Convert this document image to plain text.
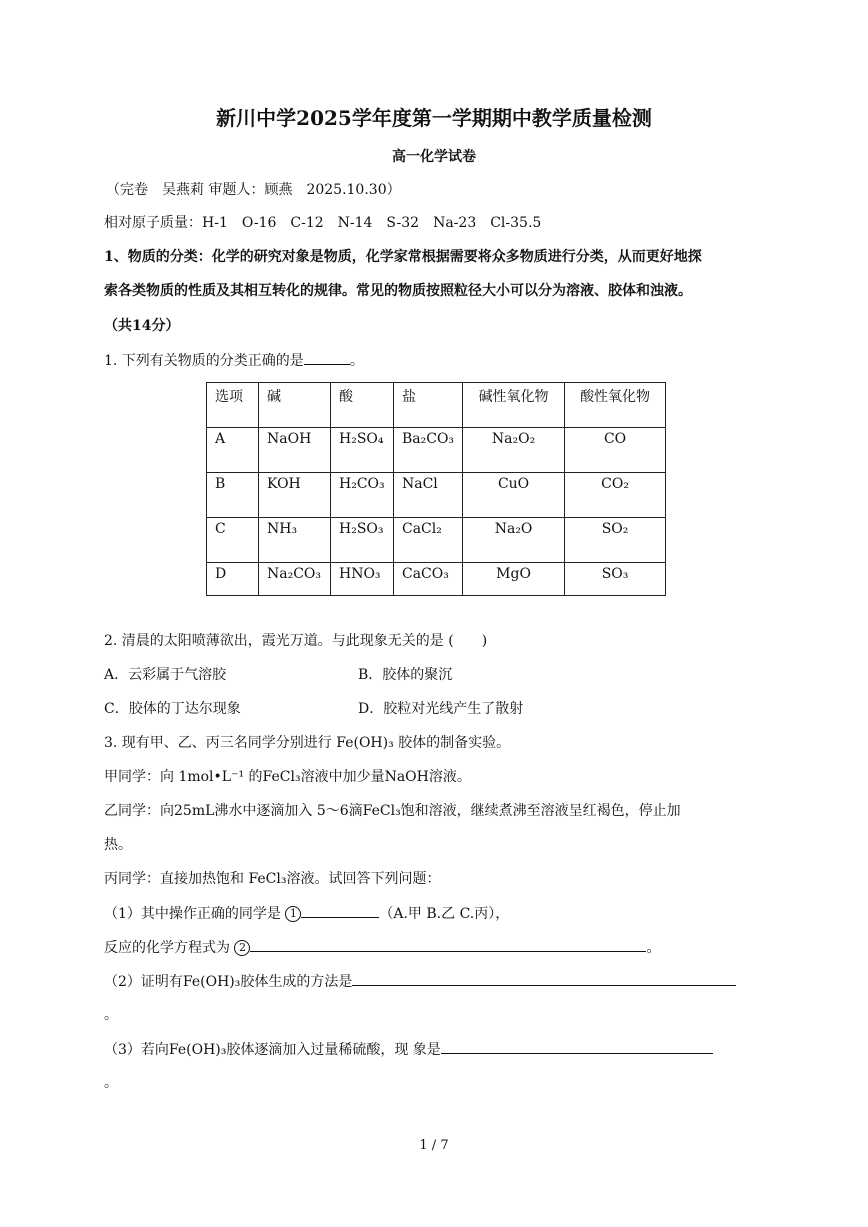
新川中学2025学年度第一学期期中教学质量检测
高一化学试卷
（完卷　吴燕莉 审题人：顾燕　2025.10.30）
相对原子质量：H-1　O-16　C-12　N-14　S-32　Na-23　Cl-35.5
1、物质的分类：化学的研究对象是物质，化学家常根据需要将众多物质进行分类，从而更好地探
索各类物质的性质及其相互转化的规律。常见的物质按照粒径大小可以分为溶液、胶体和浊液。
（共14分）
1. 下列有关物质的分类正确的是	。
选项	碱	酸	盐	碱性氧化物	酸性氧化物
A	NaOH	H₂SO₄	Ba₂CO₃	Na₂O₂	CO
B	KOH	H₂CO₃	NaCl	CuO	CO₂
C	NH₃	H₂SO₃	CaCl₂	Na₂O	SO₂
D	Na₂CO₃	HNO₃	CaCO₃	MgO	SO₃
2. 清晨的太阳喷薄欲出，霞光万道。与此现象无关的是 (　　)
A．云彩属于气溶胶	B．胶体的聚沉
C．胶体的丁达尔现象	D．胶粒对光线产生了散射
3. 现有甲、乙、丙三名同学分别进行 Fe(OH)₃ 胶体的制备实验。
甲同学：向 1mol•L⁻¹ 的FeCl₃溶液中加少量NaOH溶液。
乙同学：向25mL沸水中逐滴加入 5～6滴FeCl₃饱和溶液，继续煮沸至溶液呈红褐色，停止加
热。
丙同学：直接加热饱和 FeCl₃溶液。试回答下列问题：
（1）其中操作正确的同学是 1	（A.甲 B.乙 C.丙），
反应的化学方程式为 2	。
（2）证明有Fe(OH)₃胶体生成的方法是
。
（3）若向Fe(OH)₃胶体逐滴加入过量稀硫酸，现 象是
。
1 / 7
